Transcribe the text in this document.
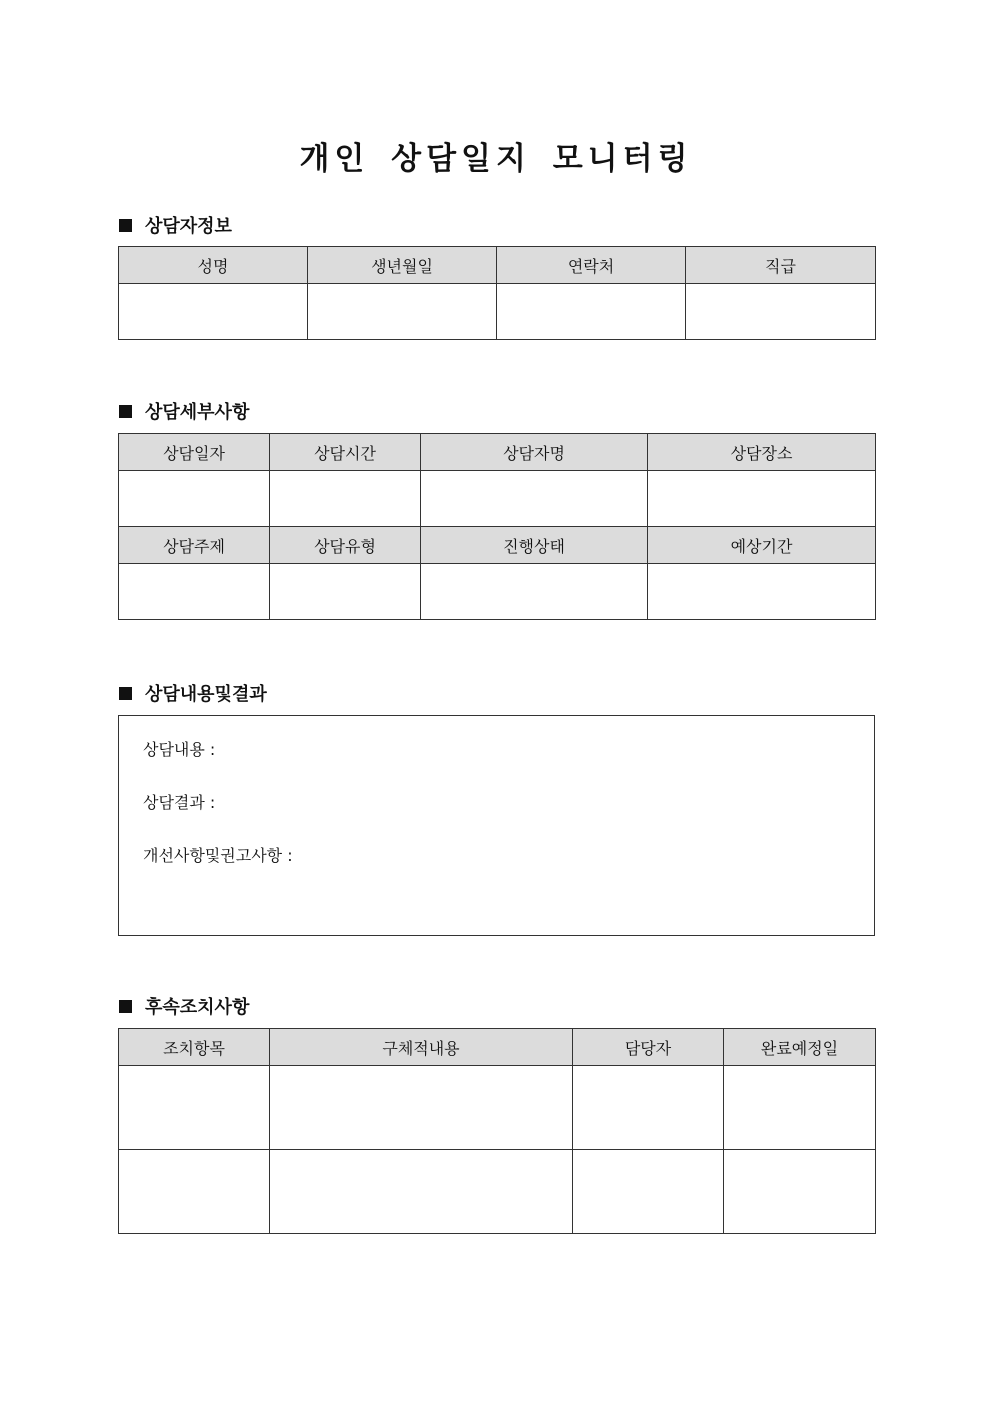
개인 상담일지 모니터링
상담자정보
성명	생년월일	연락처	직급

상담세부사항
상담일자	상담시간	상담자명	상담장소

상담주제	상담유형	진행상태	예상기간

상담내용및결과
상담내용 :
상담결과 :
개선사항및권고사항 :
후속조치사항
조치항목	구체적내용	담당자	완료예정일
